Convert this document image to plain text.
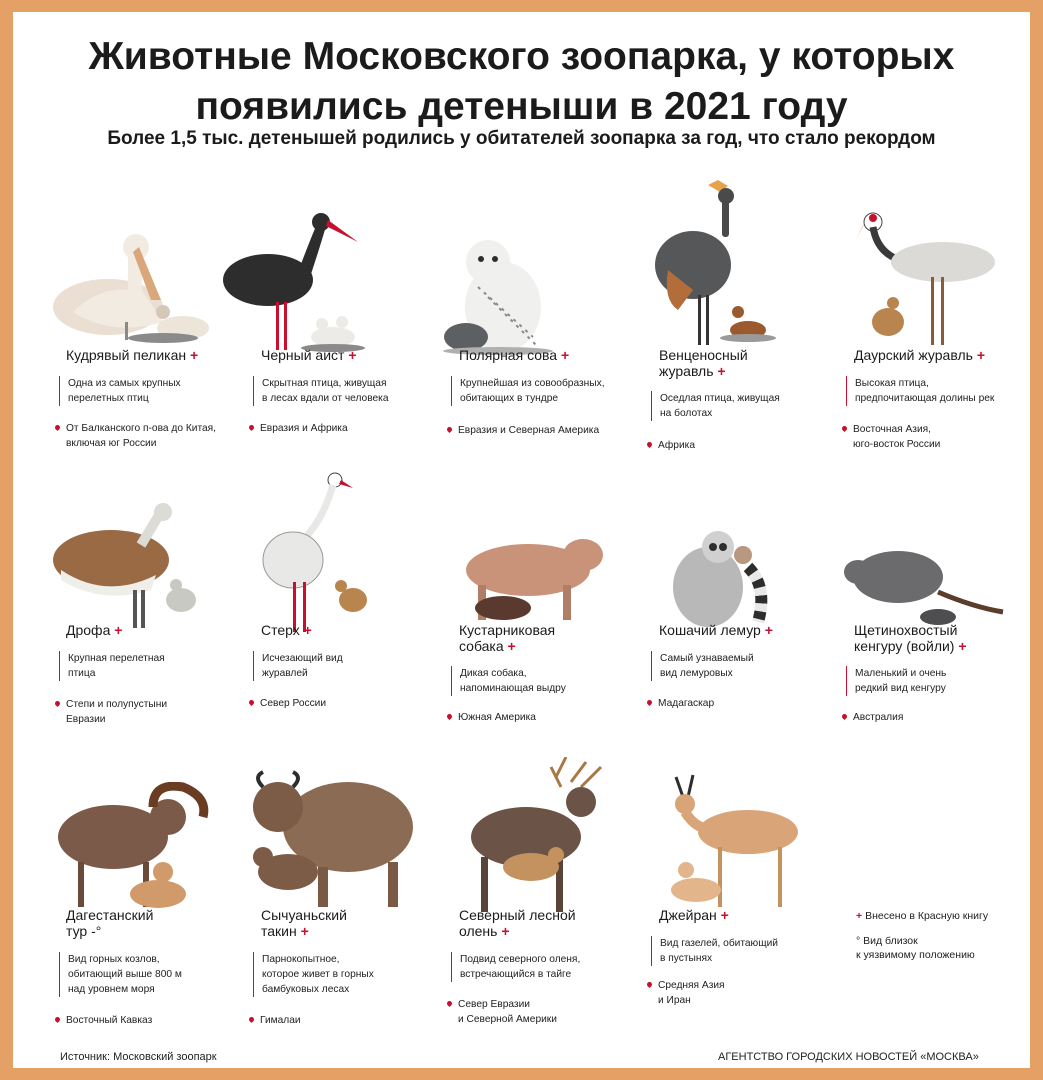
Животные Московского зоопарка, у которых
появились детеныши в 2021 году
Более 1,5 тыс. детенышей родились у обитателей зоопарка за год, что стало рекордом
Кудрявый пеликан +
Одна из самых крупных
перелетных птиц
От Балканского п-ова до Китая,
включая юг России
Черный аист +
Скрытная птица, живущая
в лесах вдали от человека
Евразия и Африка
Полярная сова +
Крупнейшая из совообразных,
обитающих в тундре
Евразия и Северная Америка
Венценосный
журавль +
Оседлая птица, живущая
на болотах
Африка
Даурский журавль +
Высокая птица,
предпочитающая долины рек
Восточная Азия,
юго-восток России
Дрофа +
Крупная перелетная
птица
Степи и полупустыни
Евразии
Стерх +
Исчезающий вид
журавлей
Север России
Кустарниковая
собака +
Дикая собака,
напоминающая выдру
Южная Америка
Кошачий лемур +
Самый узнаваемый
вид лемуровых
Мадагаскар
Щетинохвостый
кенгуру (войли) +
Маленький и очень
редкий вид кенгуру
Австралия
Дагестанский
тур -°
Вид горных козлов,
обитающий выше 800 м
над уровнем моря
Восточный Кавказ
Сычуаньский
такин +
Парнокопытное,
которое живет в горных
бамбуковых лесах
Гималаи
Северный лесной
олень +
Подвид северного оленя,
встречающийся в тайге
Север Евразии
и Северной Америки
Джейран +
Вид газелей, обитающий
в пустынях
Средняя Азия
и Иран
+ Внесено в Красную книгу
° Вид близок
к уязвимому положению
Источник: Московский зоопарк	АГЕНТСТВО ГОРОДСКИХ НОВОСТЕЙ «МОСКВА»
